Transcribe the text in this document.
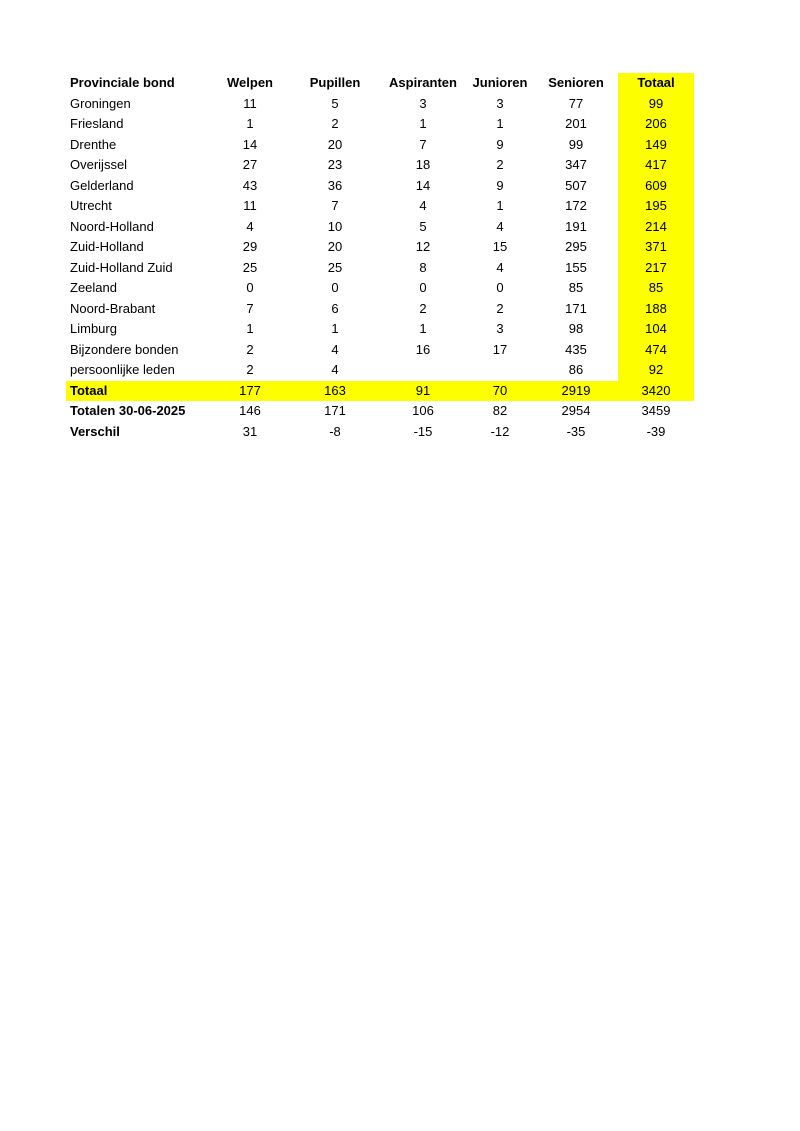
Provinciale bond	Welpen	Pupillen	Aspiranten	Junioren	Senioren	Totaal
Groningen	11	5	3	3	77	99
Friesland	1	2	1	1	201	206
Drenthe	14	20	7	9	99	149
Overijssel	27	23	18	2	347	417
Gelderland	43	36	14	9	507	609
Utrecht	11	7	4	1	172	195
Noord-Holland	4	10	5	4	191	214
Zuid-Holland	29	20	12	15	295	371
Zuid-Holland Zuid	25	25	8	4	155	217
Zeeland	0	0	0	0	85	85
Noord-Brabant	7	6	2	2	171	188
Limburg	1	1	1	3	98	104
Bijzondere bonden	2	4	16	17	435	474
persoonlijke leden	2	4			86	92
Totaal	177	163	91	70	2919	3420
Totalen 30-06-2025	146	171	106	82	2954	3459
Verschil	31	-8	-15	-12	-35	-39
